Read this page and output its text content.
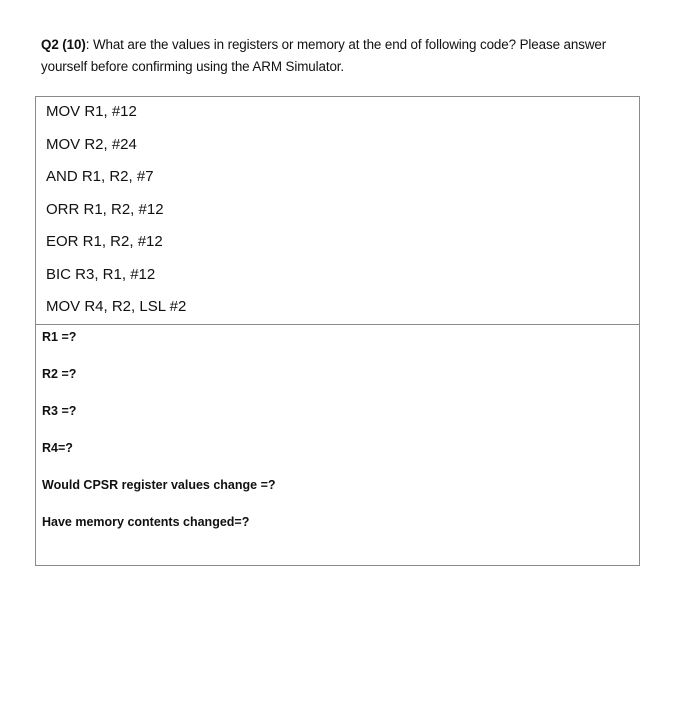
Q2 (10): What are the values in registers or memory at the end of following code? Please answer yourself before confirming using the ARM Simulator.
MOV R1, #12
MOV R2, #24
AND R1, R2, #7
ORR R1, R2, #12
EOR R1, R2, #12
BIC R3, R1, #12
MOV R4, R2, LSL #2
R1 =?
R2 =?
R3 =?
R4=?
Would CPSR register values change =?
Have memory contents changed=?
